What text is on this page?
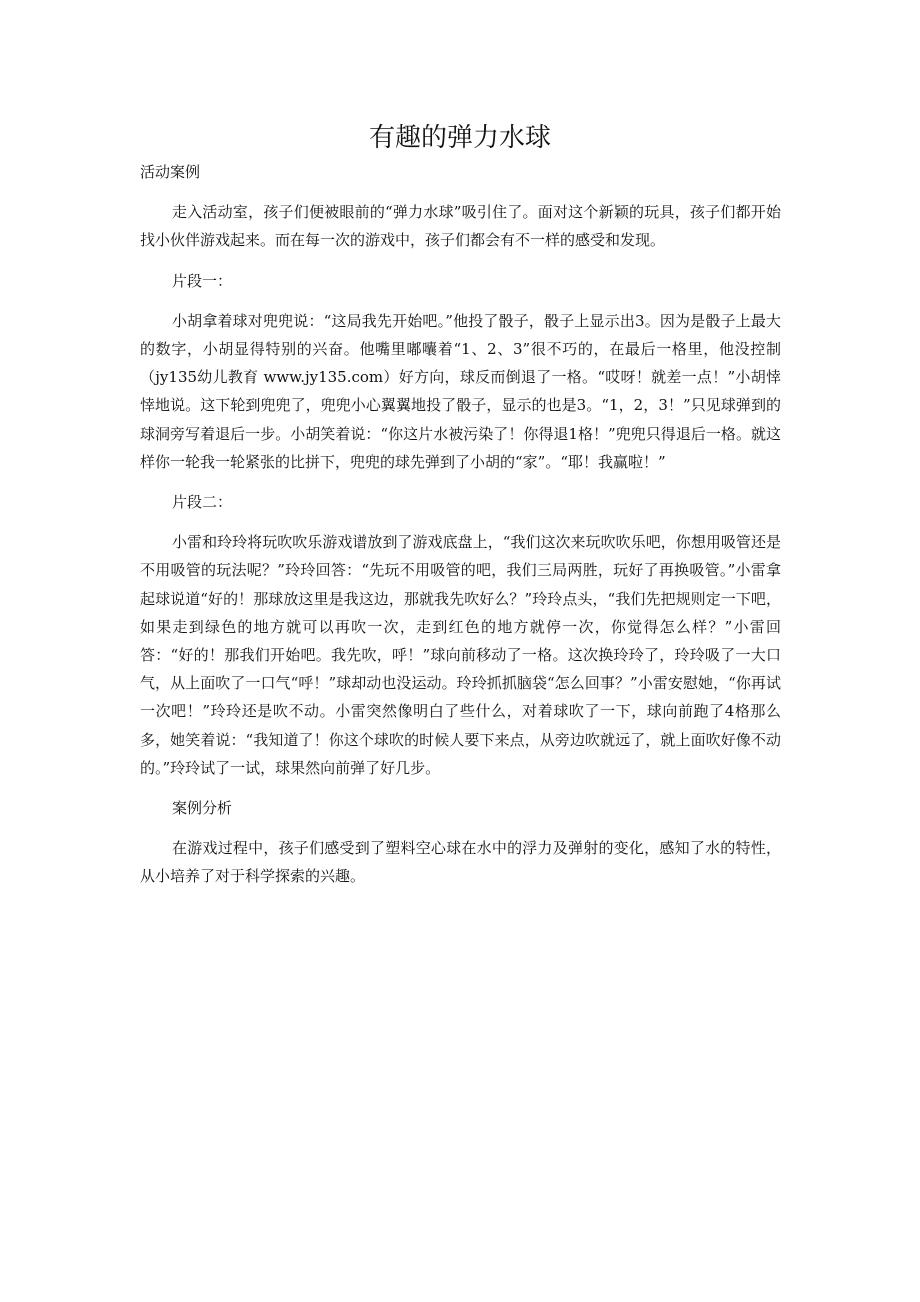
有趣的弹力水球

活动案例

走入活动室，孩子们便被眼前的“弹力水球”吸引住了。面对这个新颖的玩具，孩子们都开始找小伙伴游戏起来。而在每一次的游戏中，孩子们都会有不一样的感受和发现。

片段一：

小胡拿着球对兜兜说：“这局我先开始吧。”他投了骰子，骰子上显示出3。因为是骰子上最大的数字，小胡显得特别的兴奋。他嘴里嘟囔着“1、2、3”很不巧的，在最后一格里，他没控制（jy135幼儿教育 www.jy135.com）好方向，球反而倒退了一格。“哎呀！就差一点！”小胡悻悻地说。这下轮到兜兜了，兜兜小心翼翼地投了骰子，显示的也是3。“1，2，3！”只见球弹到的球洞旁写着退后一步。小胡笑着说：“你这片水被污染了！你得退1格！”兜兜只得退后一格。就这样你一轮我一轮紧张的比拼下，兜兜的球先弹到了小胡的“家”。“耶！我赢啦！”

片段二：

小雷和玲玲将玩吹吹乐游戏谱放到了游戏底盘上，“我们这次来玩吹吹乐吧，你想用吸管还是不用吸管的玩法呢？”玲玲回答：“先玩不用吸管的吧，我们三局两胜，玩好了再换吸管。”小雷拿起球说道“好的！那球放这里是我这边，那就我先吹好么？”玲玲点头，“我们先把规则定一下吧，如果走到绿色的地方就可以再吹一次，走到红色的地方就停一次，你觉得怎么样？”小雷回答：“好的！那我们开始吧。我先吹，呼！”球向前移动了一格。这次换玲玲了，玲玲吸了一大口气，从上面吹了一口气“呼！”球却动也没运动。玲玲抓抓脑袋“怎么回事？”小雷安慰她，“你再试一次吧！”玲玲还是吹不动。小雷突然像明白了些什么，对着球吹了一下，球向前跑了4格那么多，她笑着说：“我知道了！你这个球吹的时候人要下来点，从旁边吹就远了，就上面吹好像不动的。”玲玲试了一试，球果然向前弹了好几步。

案例分析

在游戏过程中，孩子们感受到了塑料空心球在水中的浮力及弹射的变化，感知了水的特性，从小培养了对于科学探索的兴趣。
